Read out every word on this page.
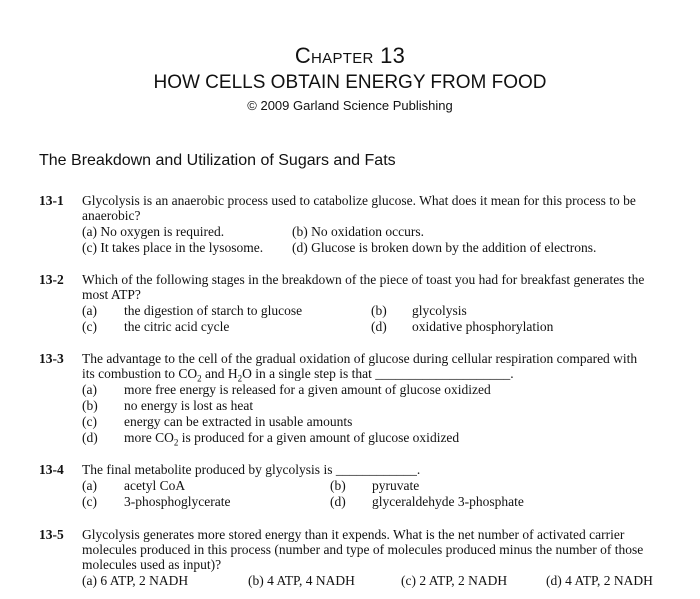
Chapter 13
HOW CELLS OBTAIN ENERGY FROM FOOD
© 2009 Garland Science Publishing
The Breakdown and Utilization of Sugars and Fats
13-1 Glycolysis is an anaerobic process used to catabolize glucose. What does it mean for this process to be
anaerobic?
(a) No oxygen is required.	(b) No oxidation occurs.
(c) It takes place in the lysosome. (d) Glucose is broken down by the addition of electrons.
13-2 Which of the following stages in the breakdown of the piece of toast you had for breakfast generates the
most ATP?
(a) the digestion of starch to glucose	(b) glycolysis
(c) the citric acid cycle	(d) oxidative phosphorylation
13-3 The advantage to the cell of the gradual oxidation of glucose during cellular respiration compared with
its combustion to $CO_2$ and $H_2O$ in a single step is that ____________________.
(a) more free energy is released for a given amount of glucose oxidized
(b) no energy is lost as heat
(c) energy can be extracted in usable amounts
(d) more $CO_2$ is produced for a given amount of glucose oxidized
13-4 The final metabolite produced by glycolysis is ____________.
(a) acetyl CoA	(b) pyruvate
(c) 3-phosphoglycerate	(d) glyceraldehyde 3-phosphate
13-5 Glycolysis generates more stored energy than it expends. What is the net number of activated carrier
molecules produced in this process (number and type of molecules produced minus the number of those
molecules used as input)?
(a) 6 ATP, 2 NADH	(b) 4 ATP, 4 NADH	(c) 2 ATP, 2 NADH	(d) 4 ATP, 2 NADH
